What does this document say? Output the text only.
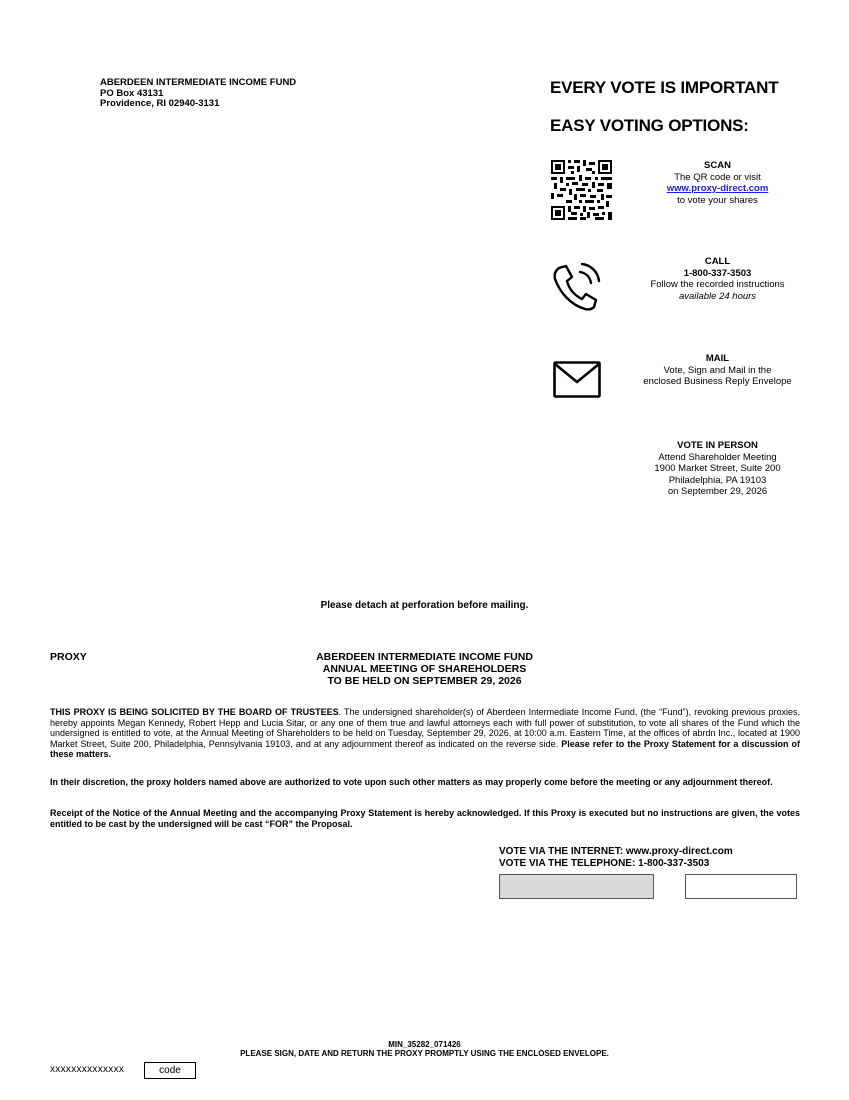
ABERDEEN INTERMEDIATE INCOME FUND
PO Box 43131
Providence, RI 02940-3131
EVERY VOTE IS IMPORTANT
EASY VOTING OPTIONS:
SCAN
The QR code or visit
www.proxy-direct.com
to vote your shares
CALL
1-800-337-3503
Follow the recorded instructions
available 24 hours
MAIL
Vote, Sign and Mail in the
enclosed Business Reply Envelope
VOTE IN PERSON
Attend Shareholder Meeting
1900 Market Street, Suite 200
Philadelphia, PA 19103
on September 29, 2026
Please detach at perforation before mailing.
PROXY	ABERDEEN INTERMEDIATE INCOME FUND
ANNUAL MEETING OF SHAREHOLDERS
TO BE HELD ON SEPTEMBER 29, 2026
THIS PROXY IS BEING SOLICITED BY THE BOARD OF TRUSTEES. The undersigned shareholder(s) of Aberdeen Intermediate Income Fund, (the “Fund”), revoking previous proxies, hereby appoints Megan Kennedy, Robert Hepp and Lucia Sitar, or any one of them true and lawful attorneys each with full power of substitution, to vote all shares of the Fund which the undersigned is entitled to vote, at the Annual Meeting of Shareholders to be held on Tuesday, September 29, 2026, at 10:00 a.m. Eastern Time, at the offices of abrdn Inc., located at 1900 Market Street, Suite 200, Philadelphia, Pennsylvania 19103, and at any adjournment thereof as indicated on the reverse side. Please refer to the Proxy Statement for a discussion of these matters.
In their discretion, the proxy holders named above are authorized to vote upon such other matters as may properly come before the meeting or any adjournment thereof.
Receipt of the Notice of the Annual Meeting and the accompanying Proxy Statement is hereby acknowledged. If this Proxy is executed but no instructions are given, the votes entitled to be cast by the undersigned will be cast “FOR” the Proposal.
VOTE VIA THE INTERNET: www.proxy-direct.com
VOTE VIA THE TELEPHONE: 1-800-337-3503
MIN_35282_071426
PLEASE SIGN, DATE AND RETURN THE PROXY PROMPTLY USING THE ENCLOSED ENVELOPE.
xxxxxxxxxxxxxx	code
